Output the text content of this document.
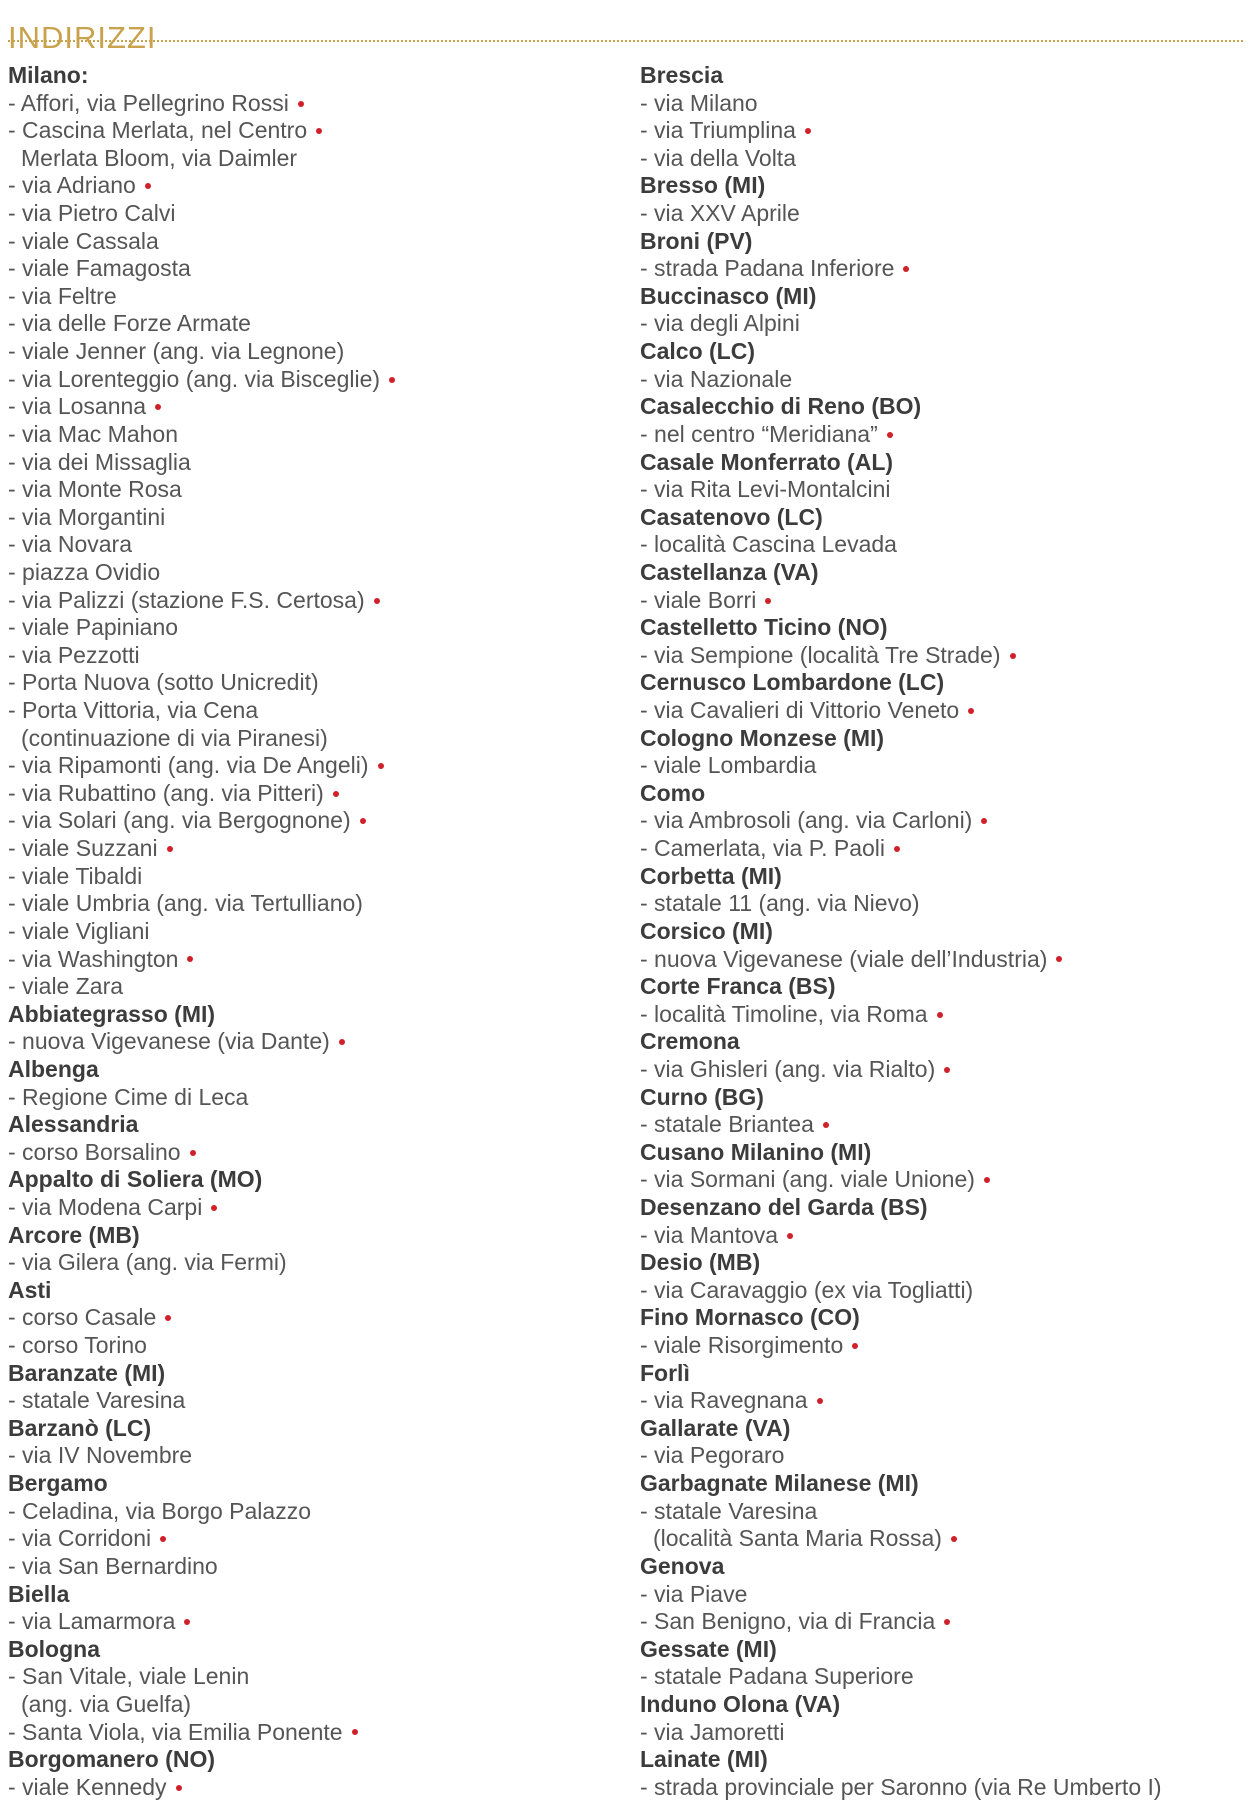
INDIRIZZI
Milano:
- Affori, via Pellegrino Rossi
- Cascina Merlata, nel Centro
Merlata Bloom, via Daimler
- via Adriano
- via Pietro Calvi
- viale Cassala
- viale Famagosta
- via Feltre
- via delle Forze Armate
- viale Jenner (ang. via Legnone)
- via Lorenteggio (ang. via Bisceglie)
- via Losanna
- via Mac Mahon
- via dei Missaglia
- via Monte Rosa
- via Morgantini
- via Novara
- piazza Ovidio
- via Palizzi (stazione F.S. Certosa)
- viale Papiniano
- via Pezzotti
- Porta Nuova (sotto Unicredit)
- Porta Vittoria, via Cena
(continuazione di via Piranesi)
- via Ripamonti (ang. via De Angeli)
- via Rubattino (ang. via Pitteri)
- via Solari (ang. via Bergognone)
- viale Suzzani
- viale Tibaldi
- viale Umbria (ang. via Tertulliano)
- viale Vigliani
- via Washington
- viale Zara
Abbiategrasso (MI)
- nuova Vigevanese (via Dante)
Albenga
- Regione Cime di Leca
Alessandria
- corso Borsalino
Appalto di Soliera (MO)
- via Modena Carpi
Arcore (MB)
- via Gilera (ang. via Fermi)
Asti
- corso Casale
- corso Torino
Baranzate (MI)
- statale Varesina
Barzanò (LC)
- via IV Novembre
Bergamo
- Celadina, via Borgo Palazzo
- via Corridoni
- via San Bernardino
Biella
- via Lamarmora
Bologna
- San Vitale, viale Lenin
(ang. via Guelfa)
- Santa Viola, via Emilia Ponente
Borgomanero (NO)
- viale Kennedy
Brescia
- via Milano
- via Triumplina
- via della Volta
Bresso (MI)
- via XXV Aprile
Broni (PV)
- strada Padana Inferiore
Buccinasco (MI)
- via degli Alpini
Calco (LC)
- via Nazionale
Casalecchio di Reno (BO)
- nel centro “Meridiana”
Casale Monferrato (AL)
- via Rita Levi-Montalcini
Casatenovo (LC)
- località Cascina Levada
Castellanza (VA)
- viale Borri
Castelletto Ticino (NO)
- via Sempione (località Tre Strade)
Cernusco Lombardone (LC)
- via Cavalieri di Vittorio Veneto
Cologno Monzese (MI)
- viale Lombardia
Como
- via Ambrosoli (ang. via Carloni)
- Camerlata, via P. Paoli
Corbetta (MI)
- statale 11 (ang. via Nievo)
Corsico (MI)
- nuova Vigevanese (viale dell’Industria)
Corte Franca (BS)
- località Timoline, via Roma
Cremona
- via Ghisleri (ang. via Rialto)
Curno (BG)
- statale Briantea
Cusano Milanino (MI)
- via Sormani (ang. viale Unione)
Desenzano del Garda (BS)
- via Mantova
Desio (MB)
- via Caravaggio (ex via Togliatti)
Fino Mornasco (CO)
- viale Risorgimento
Forlì
- via Ravegnana
Gallarate (VA)
- via Pegoraro
Garbagnate Milanese (MI)
- statale Varesina
(località Santa Maria Rossa)
Genova
- via Piave
- San Benigno, via di Francia
Gessate (MI)
- statale Padana Superiore
Induno Olona (VA)
- via Jamoretti
Lainate (MI)
- strada provinciale per Saronno (via Re Umberto I)
